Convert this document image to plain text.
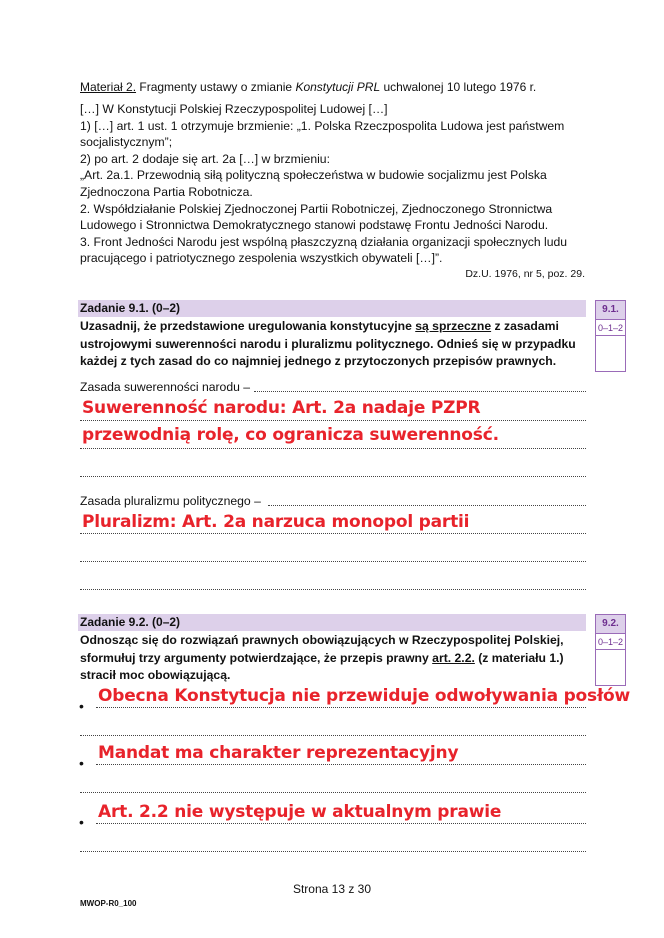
Materiał 2. Fragmenty ustawy o zmianie Konstytucji PRL uchwalonej 10 lutego 1976 r.

[…] W Konstytucji Polskiej Rzeczypospolitej Ludowej […]

1) […] art. 1 ust. 1 otrzymuje brzmienie: „1. Polska Rzeczpospolita Ludowa jest państwem socjalistycznym”;

2) po art. 2 dodaje się art. 2a […] w brzmieniu:

„Art. 2a.1. Przewodnią siłą polityczną społeczeństwa w budowie socjalizmu jest Polska Zjednoczona Partia Robotnicza.

2. Współdziałanie Polskiej Zjednoczonej Partii Robotniczej, Zjednoczonego Stronnictwa Ludowego i Stronnictwa Demokratycznego stanowi podstawę Frontu Jedności Narodu.

3. Front Jedności Narodu jest wspólną płaszczyzną działania organizacji społecznych ludu pracującego i patriotycznego zespolenia wszystkich obywateli […]”.

Dz.U. 1976, nr 5, poz. 29.
Zadanie 9.1. (0–2)	9.1.
0–1–2
Uzasadnij, że przedstawione uregulowania konstytucyjne są sprzeczne z zasadami ustrojowymi suwerenności narodu i pluralizmu politycznego. Odnieś się w przypadku każdej z tych zasad do co najmniej jednego z przytoczonych przepisów prawnych.
Zasada suwerenności narodu –
Suwerenność narodu: Art. 2a nadaje PZPR
przewodnią rolę, co ogranicza suwerenność.
Zasada pluralizmu politycznego –
Pluralizm: Art. 2a narzuca monopol partii
Zadanie 9.2. (0–2)	9.2.
0–1–2
Odnosząc się do rozwiązań prawnych obowiązujących w Rzeczypospolitej Polskiej, sformułuj trzy argumenty potwierdzające, że przepis prawny art. 2.2. (z materiału 1.) stracił moc obowiązującą.
Obecna Konstytucja nie przewiduje odwoływania posłów
•
Mandat ma charakter reprezentacyjny
•
Art. 2.2 nie występuje w aktualnym prawie
•
Strona 13 z 30
MWOP-R0_100
